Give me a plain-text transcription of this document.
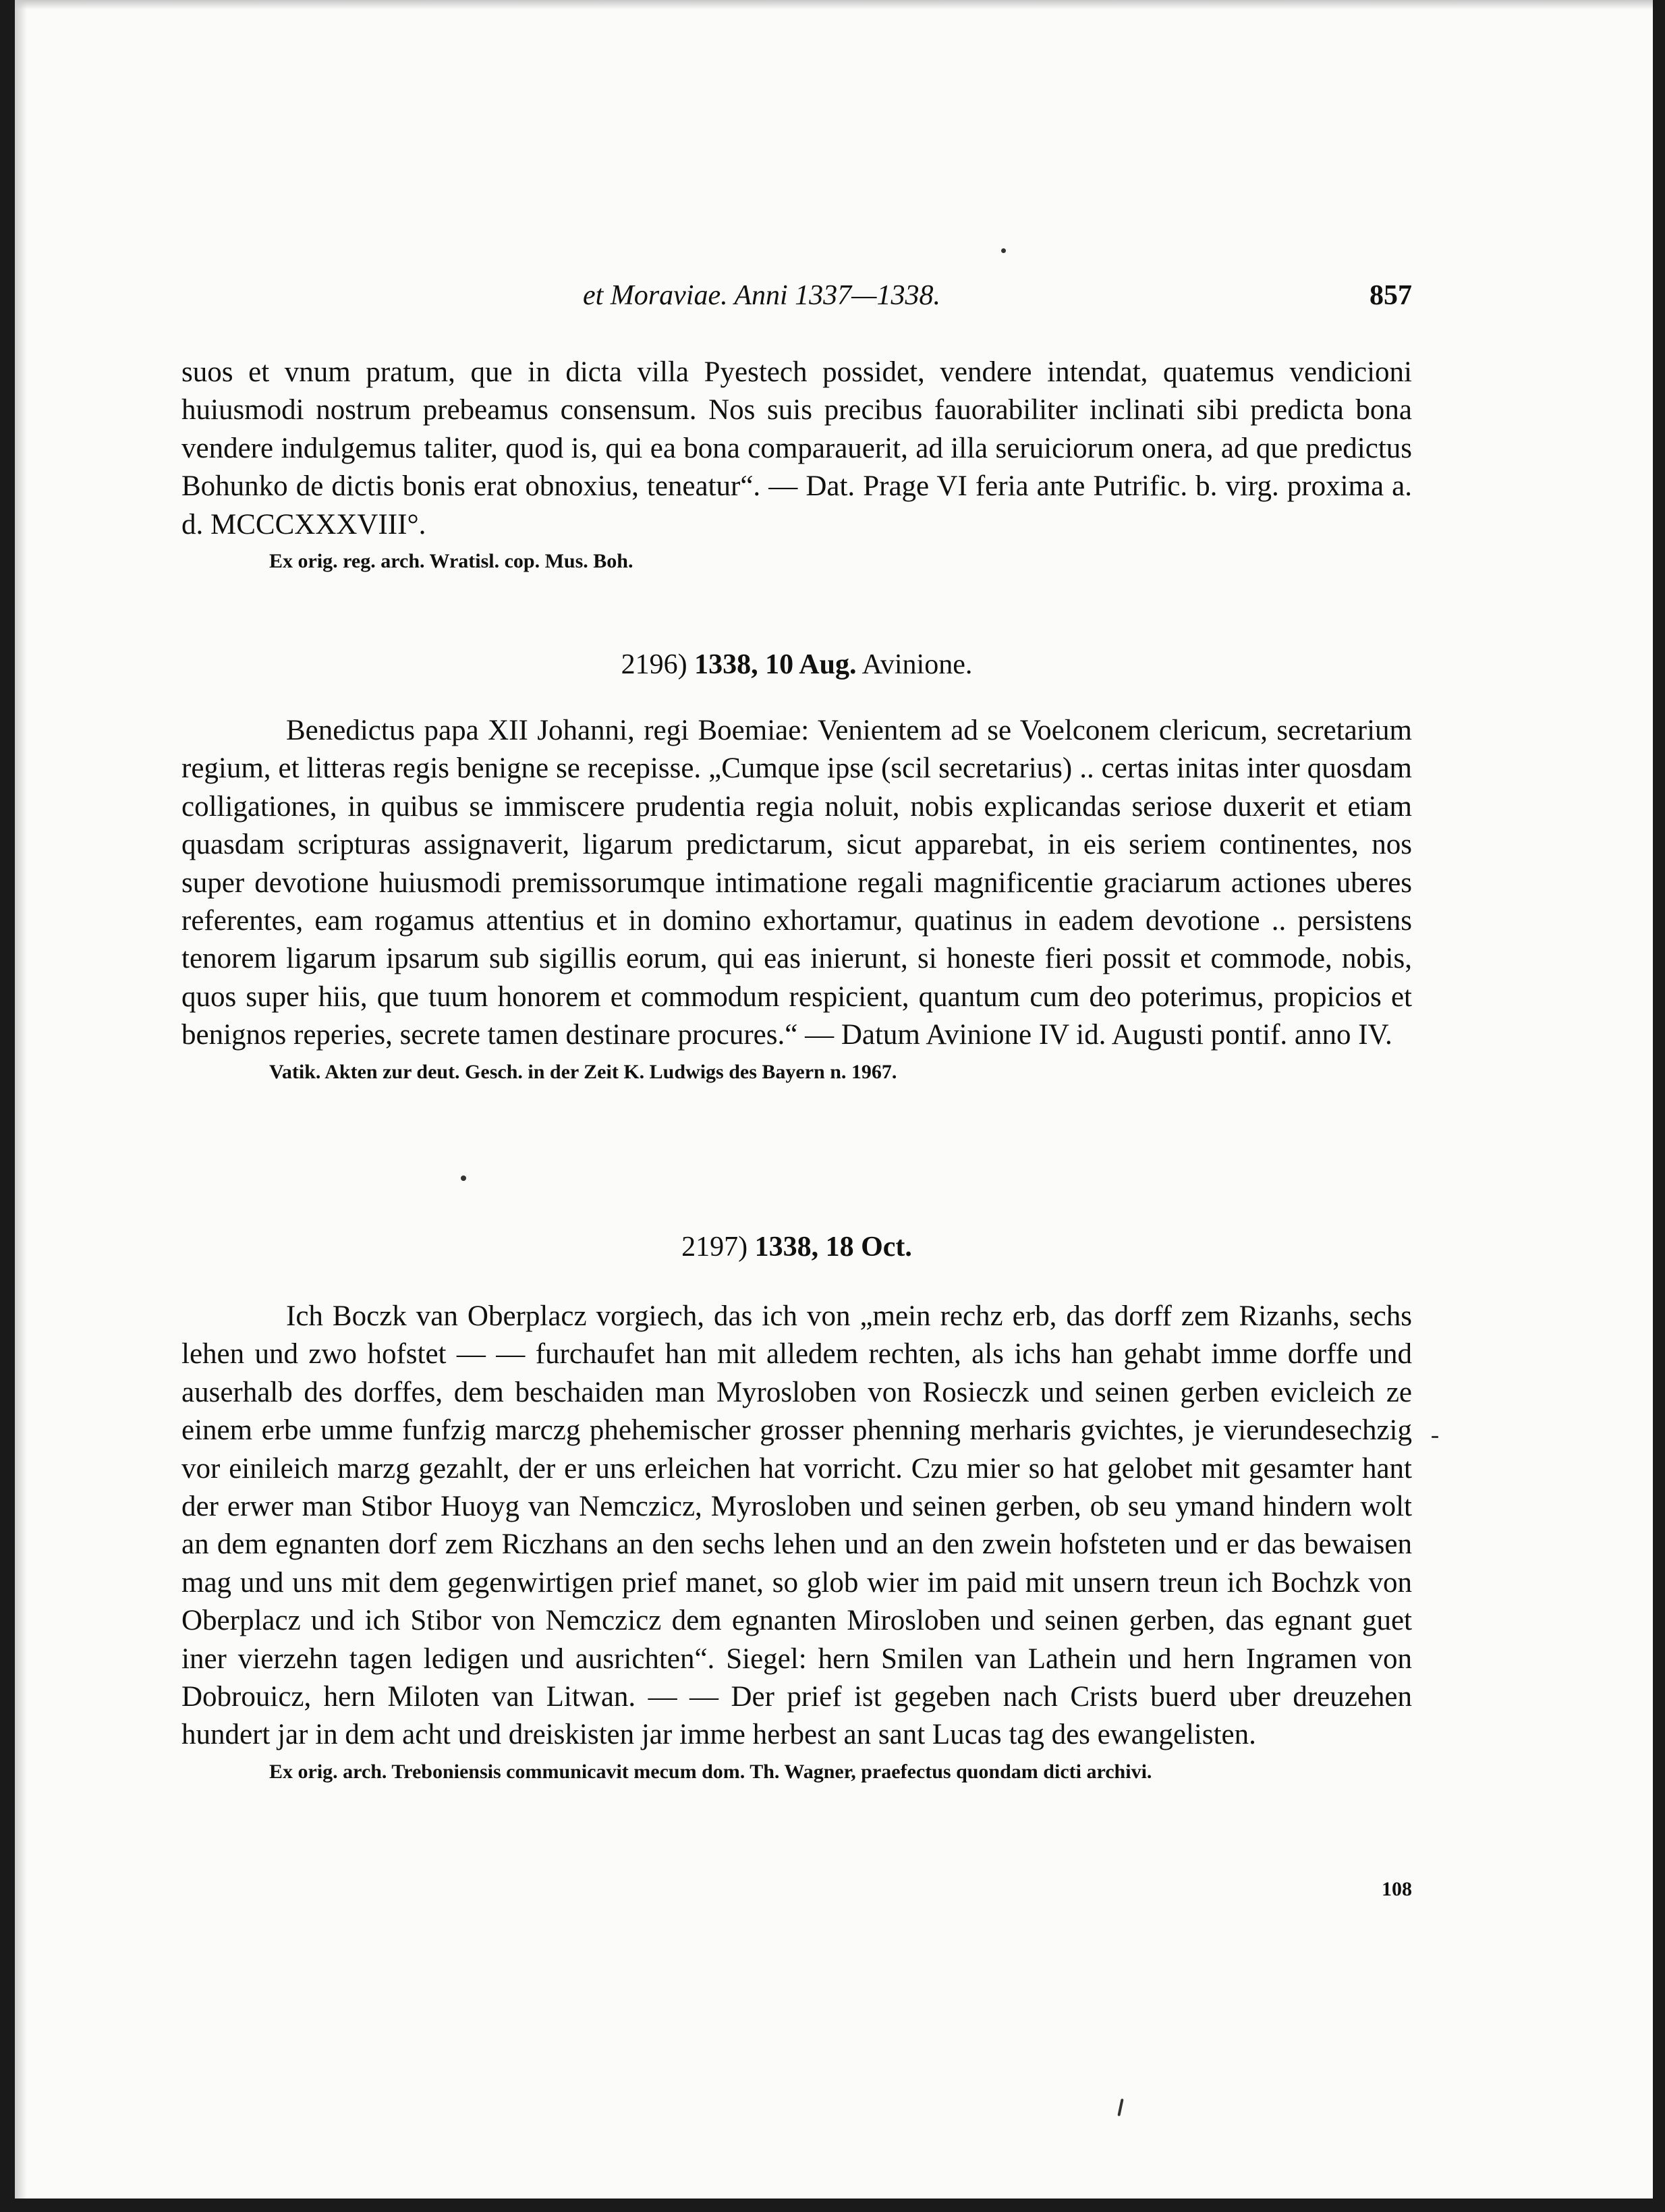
et Moraviae. Anni 1337—1338.	857

suos et vnum pratum, que in dicta villa Pyestech possidet, vendere intendat, quatemus vendicioni huiusmodi nostrum prebeamus consensum. Nos suis precibus fauorabiliter inclinati sibi predicta bona vendere indulgemus taliter, quod is, qui ea bona comparauerit, ad illa seruiciorum onera, ad que predictus Bohunko de dictis bonis erat obnoxius, teneatur“. — Dat. Prage VI feria ante Putrific. b. virg. proxima a. d. MCCCXXXVIII°.

Ex orig. reg. arch. Wratisl. cop. Mus. Boh.

2196) 1338, 10 Aug. Avinione.

Benedictus papa XII Johanni, regi Boemiae: Venientem ad se Voelconem clericum, secretarium regium, et litteras regis benigne se recepisse. „Cumque ipse (scil secretarius) .. certas initas inter quosdam colligationes, in quibus se immiscere prudentia regia noluit, nobis explicandas seriose duxerit et etiam quasdam scripturas assignaverit, ligarum predictarum, sicut apparebat, in eis seriem continentes, nos super devotione huiusmodi premissorumque intimatione regali magnificentie graciarum actiones uberes referentes, eam rogamus attentius et in domino exhortamur, quatinus in eadem devotione .. persistens tenorem ligarum ipsarum sub sigillis eorum, qui eas inierunt, si honeste fieri possit et commode, nobis, quos super hiis, que tuum honorem et commodum respicient, quantum cum deo poterimus, propicios et benignos reperies, secrete tamen destinare procures.“ — Datum Avinione IV id. Augusti pontif. anno IV.

Vatik. Akten zur deut. Gesch. in der Zeit K. Ludwigs des Bayern n. 1967.

2197) 1338, 18 Oct.

Ich Boczk van Oberplacz vorgiech, das ich von „mein rechz erb, das dorff zem Rizanhs, sechs lehen und zwo hofstet — — furchaufet han mit alledem rechten, als ichs han gehabt imme dorffe und auserhalb des dorffes, dem beschaiden man Myrosloben von Rosieczk und seinen gerben evicleich ze einem erbe umme funfzig marczg phehemischer grosser phenning merharis gvichtes, je vierundesechzig vor einileich marzg gezahlt, der er uns erleichen hat vorricht. Czu mier so hat gelobet mit gesamter hant der erwer man Stibor Huoyg van Nemczicz, Myrosloben und seinen gerben, ob seu ymand hindern wolt an dem egnanten dorf zem Riczhans an den sechs lehen und an den zwein hofsteten und er das bewaisen mag und uns mit dem gegenwirtigen prief manet, so glob wier im paid mit unsern treun ich Bochzk von Oberplacz und ich Stibor von Nemczicz dem egnanten Mirosloben und seinen gerben, das egnant guet iner vierzehn tagen ledigen und ausrichten“. Siegel: hern Smilen van Lathein und hern Ingramen von Dobrouicz, hern Miloten van Litwan. — — Der prief ist gegeben nach Crists buerd uber dreuzehen hundert jar in dem acht und dreiskisten jar imme herbest an sant Lucas tag des ewangelisten.

Ex orig. arch. Treboniensis communicavit mecum dom. Th. Wagner, praefectus quondam dicti archivi.

108
